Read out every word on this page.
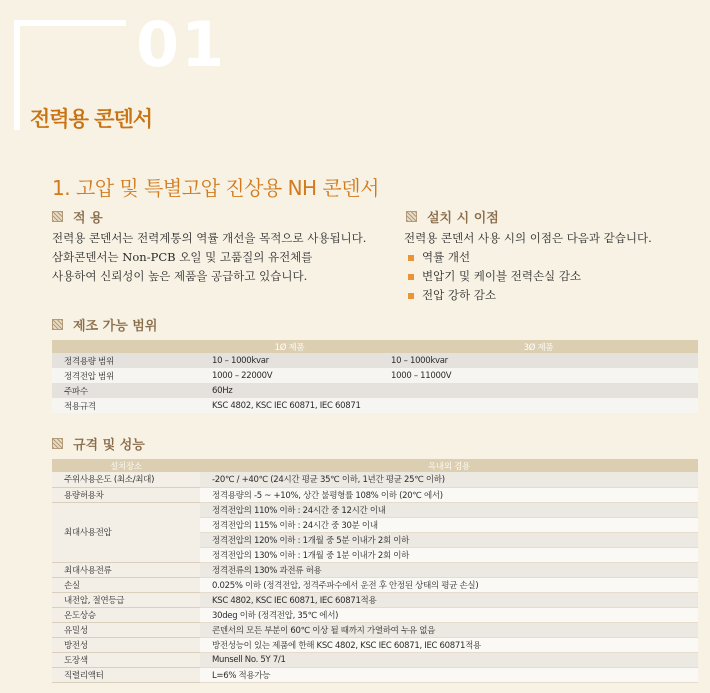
01
전력용 콘덴서
1. 고압 및 특별고압 진상용 NH 콘덴서
적 용
전력용 콘덴서는 전력계통의 역률 개선을 목적으로 사용됩니다.
삼화콘덴서는 Non-PCB 오일 및 고품질의 유전체를
사용하여 신뢰성이 높은 제품을 공급하고 있습니다.
설치 시 이점
전력용 콘덴서 사용 시의 이점은 다음과 같습니다.
역률 개선
변압기 및 케이블 전력손실 감소
전압 강하 감소
제조 가능 범위
	1Ø 제품	3Ø 제품
정격용량 범위	10 – 1000kvar	10 – 1000kvar
정격전압 범위	1000 – 22000V	1000 – 11000V
주파수	60Hz	
적용규격	KSC 4802, KSC IEC 60871, IEC 60871	
규격 및 성능
설치장소	옥내외 겸용
주위사용온도 (최소/최대)	-20℃ / +40℃ (24시간 평균 35℃ 이하, 1년간 평균 25℃ 이하)
용량허용차	정격용량의 -5 ~ +10%, 상간 불평형률 108% 이하 (20℃ 에서)
최대사용전압	정격전압의 110% 이하 : 24시간 중 12시간 이내
	정격전압의 115% 이하 : 24시간 중 30분 이내
	정격전압의 120% 이하 : 1개월 중 5분 이내가 2회 이하
	정격전압의 130% 이하 : 1개월 중 1분 이내가 2회 이하
최대사용전류	정격전류의 130% 과전류 허용
손실	0.025% 이하 (정격전압, 정격주파수에서 운전 후 안정된 상태의 평균 손실)
내전압, 절연등급	KSC 4802, KSC IEC 60871, IEC 60871적용
온도상승	30deg 이하 (정격전압, 35℃ 에서)
유밀성	콘덴서의 모든 부분이 60℃ 이상 될 때까지 가열하여 누유 없음
방전성	방전성능이 있는 제품에 한해 KSC 4802, KSC IEC 60871, IEC 60871적용
도장색	Munsell No. 5Y 7/1
직렬리액터	L=6% 적용가능
